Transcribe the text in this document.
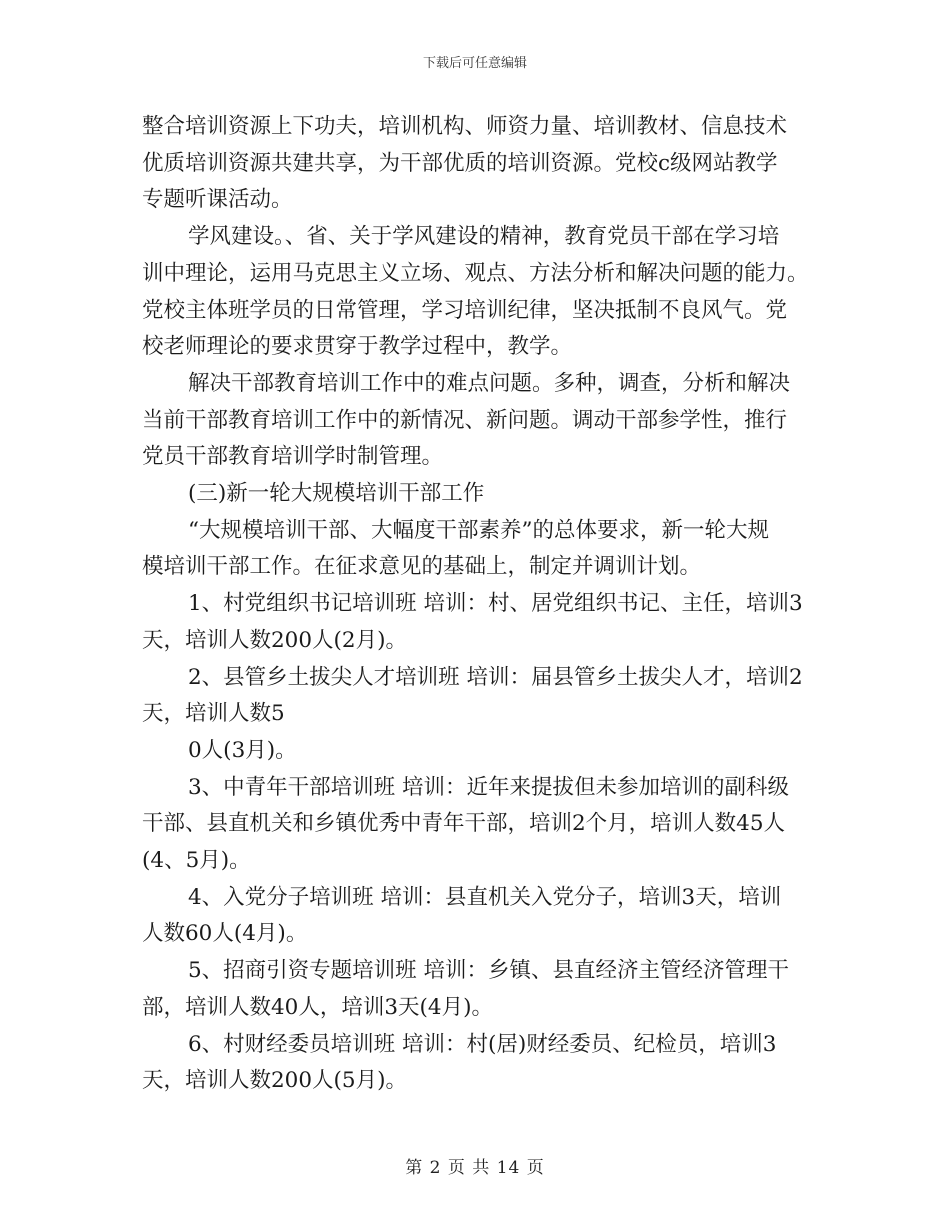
下载后可任意编辑

整合培训资源上下功夫，培训机构、师资力量、培训教材、信息技术

优质培训资源共建共享，为干部优质的培训资源。党校c级网站教学

专题听课活动。

学风建设。、省、关于学风建设的精神，教育党员干部在学习培

训中理论，运用马克思主义立场、观点、方法分析和解决问题的能力。

党校主体班学员的日常管理，学习培训纪律，坚决抵制不良风气。党

校老师理论的要求贯穿于教学过程中，教学。

解决干部教育培训工作中的难点问题。多种，调查，分析和解决

当前干部教育培训工作中的新情况、新问题。调动干部参学性，推行

党员干部教育培训学时制管理。

(三)新一轮大规模培训干部工作

“大规模培训干部、大幅度干部素养”的总体要求，新一轮大规

模培训干部工作。在征求意见的基础上，制定并调训计划。

1、村党组织书记培训班 培训：村、居党组织书记、主任，培训3

天，培训人数200人(2月)。

2、县管乡土拔尖人才培训班 培训：届县管乡土拔尖人才，培训2

天，培训人数5

0人(3月)。

3、中青年干部培训班 培训：近年来提拔但未参加培训的副科级

干部、县直机关和乡镇优秀中青年干部，培训2个月，培训人数45人

(4、5月)。

4、入党分子培训班 培训：县直机关入党分子，培训3天，培训

人数60人(4月)。

5、招商引资专题培训班 培训：乡镇、县直经济主管经济管理干

部，培训人数40人，培训3天(4月)。

6、村财经委员培训班 培训：村(居)财经委员、纪检员，培训3

天，培训人数200人(5月)。

第 2 页 共 14 页
